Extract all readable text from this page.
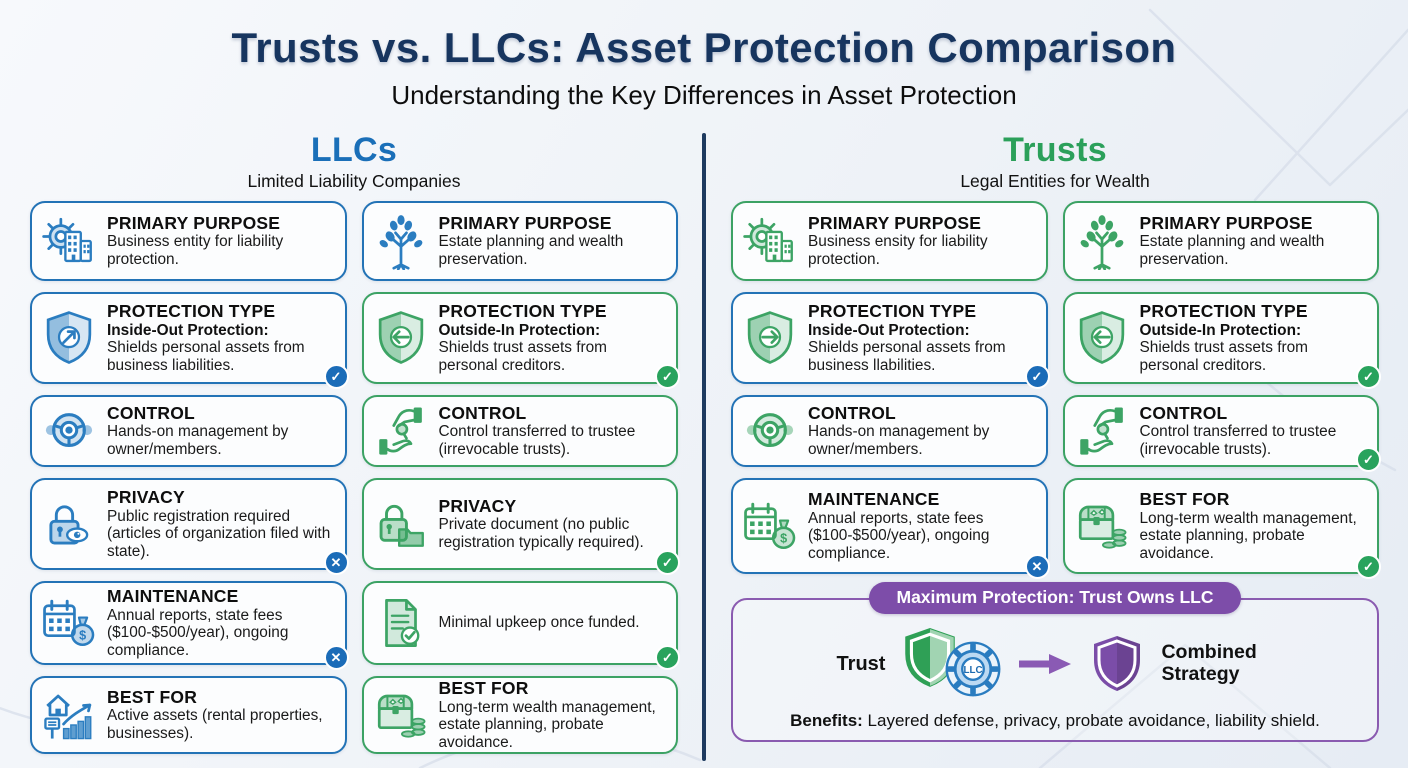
Trusts vs. LLCs: Asset Protection Comparison
Understanding the Key Differences in Asset Protection
LLCs
Limited Liability Companies
PRIMARY PURPOSE
Business entity for liability protection.
PRIMARY PURPOSE
Estate planning and wealth preservation.
PROTECTION TYPE
Inside-Out Protection:
Shields personal assets from business liabilities.
✓
PROTECTION TYPE
Outside-In Protection:
Shields trust assets from personal creditors.
✓
CONTROL
Hands-on management by owner/members.
CONTROL
Control transferred to trustee (irrevocable trusts).
PRIVACY
Public registration required (articles of organization filed with state).
✕
PRIVACY
Private document (no public registration typically required).
✓
$
MAINTENANCE
Annual reports, state fees ($100-$500/year), ongoing compliance.	✕
Minimal upkeep once funded.
✓
BEST FOR
Active assets (rental properties, businesses).
BEST FOR
Long-term wealth management, estate planning, probate avoidance.
Trusts
Legal Entities for Wealth
PRIMARY PURPOSE
Business ensity for liability protection.
PRIMARY PURPOSE
Estate planning and wealth preservation.
PROTECTION TYPE
Inside-Out Protection:
Shields personal assets from business llabilities.
✓
PROTECTION TYPE
Outside-In Protection:
Shields trust assets from personal creditors.
✓
CONTROL
Hands-on management by owner/members.
CONTROL
Control transferred to trustee (irrevocable trusts).
✓
$
MAINTENANCE
Annual reports, state fees ($100-$500/year), ongoing compliance.
✕
BEST FOR
Long-term wealth management, estate planning, probate avoidance.
✓
Maximum Protection: Trust Owns LLC
Trust	LLC
Combined Strategy
Benefits: Layered defense, privacy, probate avoidance, liability shield.
